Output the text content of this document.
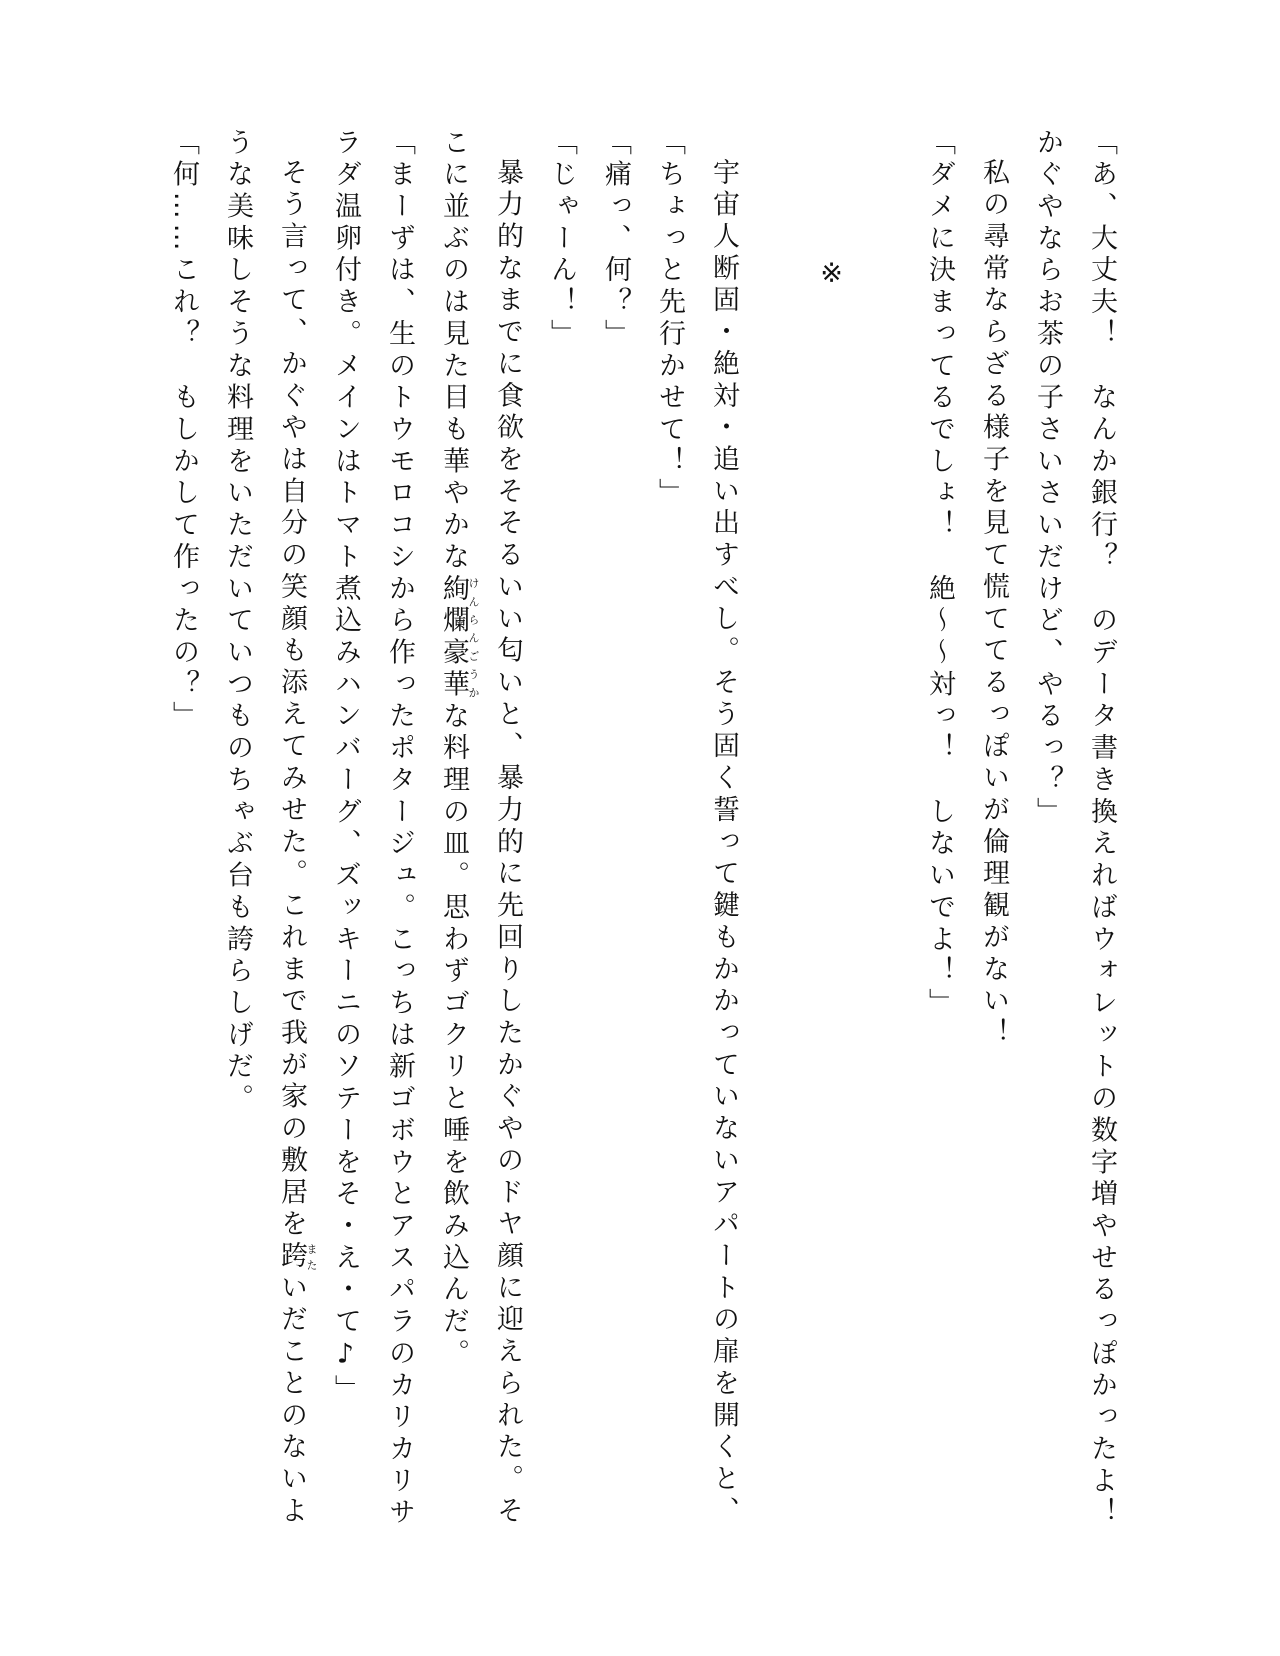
「あ、大丈夫！　なんか銀行？　のデータ書き換えればウォレットの数字増やせるっぽかったよ！
かぐやならお茶の子さいさいだけど、やるっ？」
私の尋常ならざる様子を見て慌ててるっぽいが倫理観がない！
「ダメに決まってるでしょ！　絶〜〜対っ！　しないでよ！」
※
宇宙人断固・絶対・追い出すべし。そう固く誓って鍵もかかっていないアパートの扉を開くと、
「ちょっと先行かせて！」
「痛っ、何？」
「じゃーん！」
暴力的なまでに食欲をそそるいい匂いと、暴力的に先回りしたかぐやのドヤ顔に迎えられた。そ
こに並ぶのは見た目も華やかな絢爛豪華けんらんごうかな料理の皿。思わずゴクリと唾を飲み込んだ。
「まーずは、生のトウモロコシから作ったポタージュ。こっちは新ゴボウとアスパラのカリカリサ
ラダ温卵付き。メインはトマト煮込みハンバーグ、ズッキーニのソテーをそ・え・て♪」
そう言って、かぐやは自分の笑顔も添えてみせた。これまで我が家の敷居を跨またいだことのないよ
うな美味しそうな料理をいただいていつものちゃぶ台も誇らしげだ。
「何……これ？　もしかして作ったの？」
